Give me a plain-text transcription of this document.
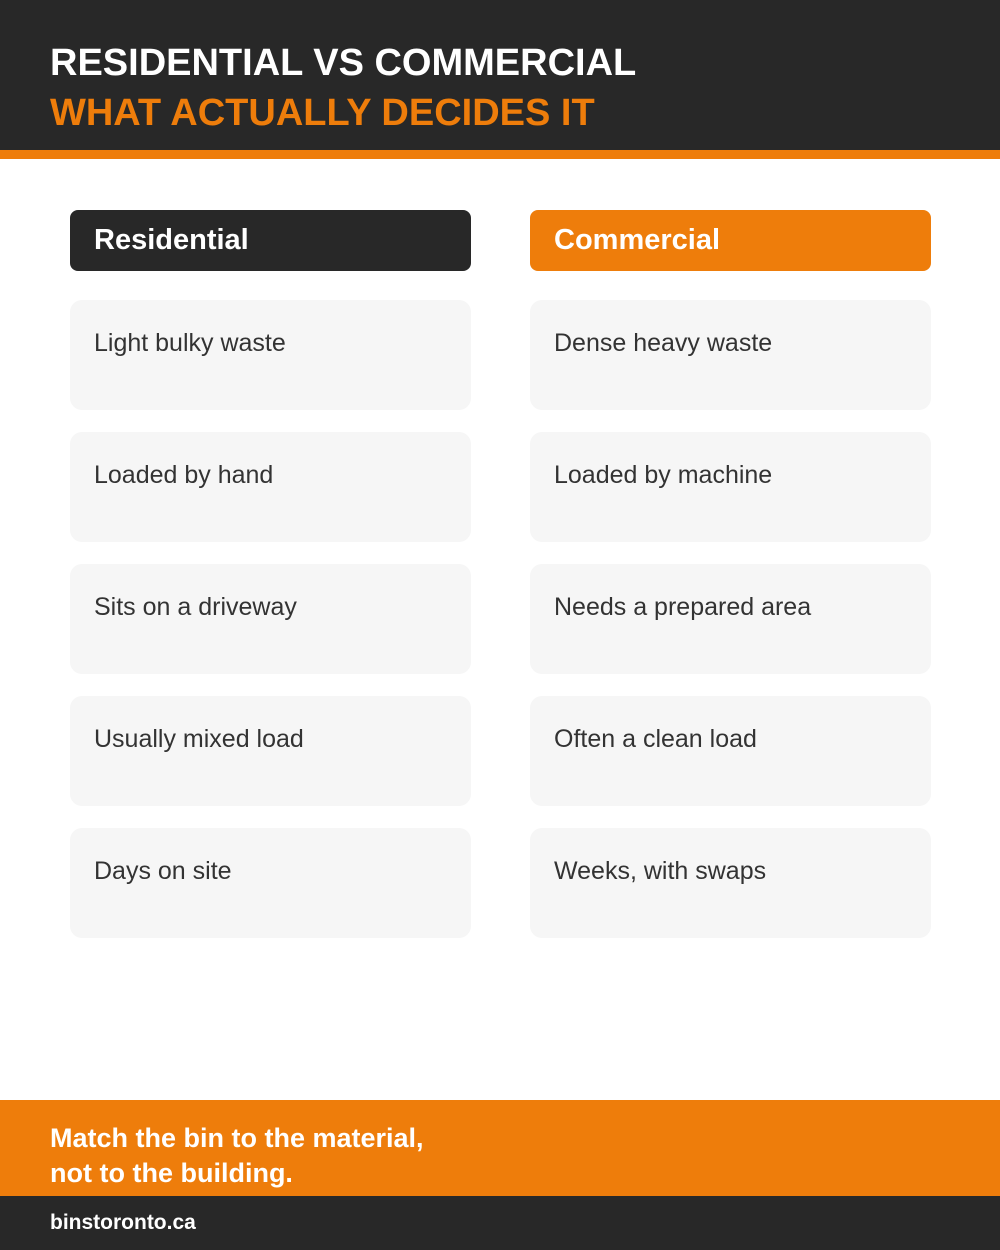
RESIDENTIAL VS COMMERCIAL
WHAT ACTUALLY DECIDES IT
Residential	Commercial
Light bulky waste
Loaded by hand
Sits on a driveway
Usually mixed load
Days on site
Dense heavy waste
Loaded by machine
Needs a prepared area
Often a clean load
Weeks, with swaps
Match the bin to the material,
not to the building.
binstoronto.ca
